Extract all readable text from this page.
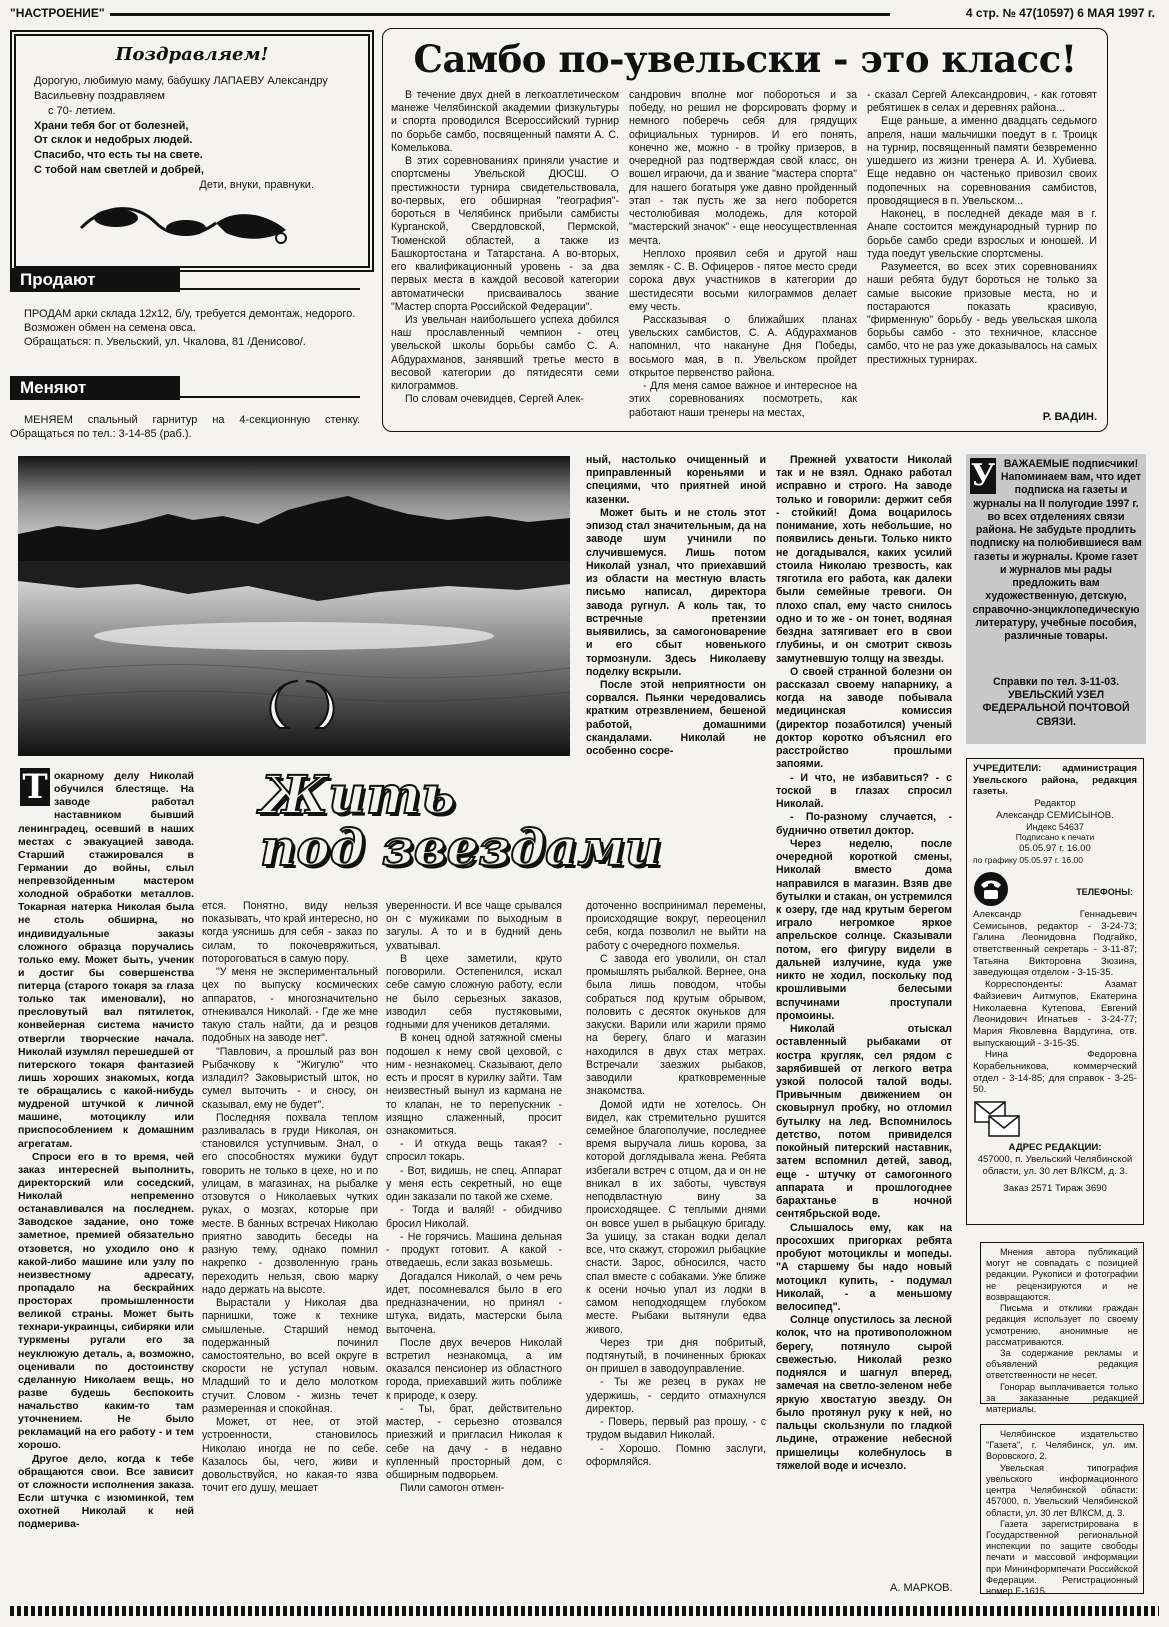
"НАСТРОЕНИЕ"	4 стр. № 47(10597) 6 МАЯ 1997 г.
Поздравляем!
Дорогую, любимую маму, бабушку ЛАПАЕВУ Александру Васильевну поздравляем
с 70- летием.
Храни тебя бог от болезней,
От склок и недобрых людей.
Спасибо, что есть ты на свете.
С тобой нам светлей и добрей,
Дети, внуки, правнуки.
Продают

ПРОДАМ арки склада 12х12, б/у, требуется демонтаж, недорого.

Возможен обмен на семена овса.

Обращаться: п. Увельский, ул. Чкалова, 81 /Денисово/.

Меняют

МЕНЯЕМ спальный гарнитур на 4-секционную стенку. Обращаться по тел.: 3-14-85 (раб.).

Самбо по-увельски - это класс!

В течение двух дней в легкоатлетическом манеже Челябинской академии физкультуры и спорта проводился Всероссийский турнир по борьбе самбо, посвященный памяти А. С. Комелькова.

В этих соревнованиях приняли участие и спортсмены Увельской ДЮСШ. О престижности турнира свидетельствовала, во-первых, его обширная "география"- бороться в Челябинск прибыли самбисты Курганской, Свердловской, Пермской, Тюменской областей, а также из Башкортостана и Татарстана. А во-вторых, его квалификационный уровень - за два первых места в каждой весовой категории автоматически присваивалось звание "Мастер спорта Российской Федерации".

Из увельчан наибольшего успеха добился наш прославленный чемпион - отец увельской школы борьбы самбо С. А. Абдурахманов, занявший третье место в весовой категории до пятидесяти семи килограммов.

По словам очевидцев, Сергей Алек-

сандрович вполне мог побороться и за победу, но решил не форсировать форму и немного поберечь себя для грядущих официальных турниров. И его понять, конечно же, можно - в тройку призеров, в очередной раз подтверждая свой класс, он вошел играючи, да и звание "мастера спорта" для нашего богатыря уже давно пройденный этап - так пусть же за него поборется честолюбивая молодежь, для которой "мастерский значок" - еще неосуществленная мечта.

Неплохо проявил себя и другой наш земляк - С. В. Офицеров - пятое место среди сорока двух участников в категории до шестидесяти восьми килограммов делает ему честь.

Рассказывая о ближайших планах увельских самбистов, С. А. Абдурахманов напомнил, что накануне Дня Победы, восьмого мая, в п. Увельском пройдет открытое первенство района.

- Для меня самое важное и интересное на этих соревнованиях посмотреть, как работают наши тренеры на местах,

- сказал Сергей Александрович, - как готовят ребятишек в селах и деревнях района...

Еще раньше, а именно двадцать седьмого апреля, наши мальчишки поедут в г. Троицк на турнир, посвященный памяти безвременно ушедшего из жизни тренера А. И. Хубиева. Еще недавно он частенько привозил своих подопечных на соревнования самбистов, проводящиеся в п. Увельском...

Наконец, в последней декаде мая в г. Анапе состоится международный турнир по борьбе самбо среди взрослых и юношей. И туда поедут увельские спортсмены.

Разумеется, во всех этих соревнованиях наши ребята будут бороться не только за самые высокие призовые места, но и постараются показать красивую, "фирменную" борьбу - ведь увельская школа борьбы самбо - это техничное, классное самбо, что не раз уже доказывалось на самых престижных турнирах.

Р. ВАДИН.
Жить
под звездами
Т окарному делу Николай обучился блестяще. На заводе работал наставником бывший ленинградец, осевший в наших местах с эвакуацией завода. Старший стажировался в Германии до войны, слыл непревзойденным мастером холодной обработки металлов. Токарная натерка Николая была не столь обширна, но индивидуальные заказы сложного образца поручались только ему. Может быть, ученик и достиг бы совершенства питерца (старого токаря за глаза только так именовали), но пресловутый вал пятилеток, конвейерная система начисто отвергли творческие начала. Николай изумлял перешедшей от питерского токаря фантазией лишь хороших знакомых, когда те обращались с какой-нибудь мудреной штучкой к личной машине, мотоциклу или приспособлением к домашним агрегатам.

Спроси его в то время, чей заказ интересней выполнить, директорский или соседский, Николай непременно останавливался на последнем. Заводское задание, оно тоже заметное, премией обязательно отзовется, но уходило оно к какой-либо машине или узлу по неизвестному адресату, пропадало на бескрайних просторах промышленности великой страны. Может быть технари-украинцы, сибиряки или туркмены ругали его за неуклюжую деталь, а, возможно, оценивали по достоинству сделанную Николаем вещь, но разве будешь беспокоить начальство каким-то там уточнением. Не было рекламаций на его работу - и тем хорошо.

Другое дело, когда к тебе обращаются свои. Все зависит от сложности исполнения заказа. Если штучка с изюминкой, тем охотней Николай к ней подмерива-

ется. Понятно, виду нельзя показывать, что край интересно, но когда уяснишь для себя - заказ по силам, то покочевряжиться, потороговаться в самую пору.

"У меня не экспериментальный цех по выпуску космических аппаратов, - многозначительно отнекивался Николай. - Где же мне такую сталь найти, да и резцов подобных на заводе нет".

"Павлович, а прошлый раз вон Рыбачкову к "Жигулю" что изладил? Заковыристый шток, но сумел выточить - и сносу, он сказывал, ему не будет".

Последняя похвала теплом разливалась в груди Николая, он становился уступчивым. Знал, о его способностях мужики будут говорить не только в цехе, но и по улицам, в магазинах, на рыбалке отзовутся о Николаевых чутких руках, о мозгах, которые при месте. В банных встречах Николаю приятно заводить беседы на разную тему, однако помнил накрепко - дозволенную грань переходить нельзя, свою марку надо держать на высоте.

Вырастали у Николая два парнишки, тоже к технике смышленые. Старший немод подержанный починил самостоятельно, во всей округе в скорости не уступал новым. Младший то и дело молотком стучит. Словом - жизнь течет размеренная и спокойная.

Может, от нее, от этой устроенности, становилось Николаю иногда не по себе. Казалось бы, чего, живи и довольствуйся, но какая-то язва точит его душу, мешает

уверенности. И все чаще срывался он с мужиками по выходным в загулы. А то и в будний день ухватывал.

В цехе заметили, круто поговорили. Остепенился, искал себе самую сложную работу, если не было серьезных заказов, изводил себя пустяковыми, годными для учеников деталями.

В конец одной затяжной смены подошел к нему свой цеховой, с ним - незнакомец. Сказывают, дело есть и просят в курилку зайти. Там неизвестный вынул из кармана не то клапан, не то перепускник - изящно слаженный, просит ознакомиться.

- И откуда вещь такая? - спросил токарь.

- Вот, видишь, не спец. Аппарат у меня есть секретный, но еще один заказали по такой же схеме.

- Тогда и валяй! - обидчиво бросил Николай.

- Не горячись. Машина дельная - продукт готовит. А какой - отведаешь, если заказ возьмешь.

Догадался Николай, о чем речь идет, посомневался было в его предназначении, но принял - штука, видать, мастерски была выточена.

После двух вечеров Николай встретил незнакомца, а им оказался пенсионер из областного города, приехавший жить поближе к природе, к озеру.

- Ты, брат, действительно мастер, - серьезно отозвался приезжий и пригласил Николая к себе на дачу - в недавно купленный просторный дом, с обширным подворьем.

Пили самогон отмен-

ный, настолько очищенный и приправленный кореньями и специями, что приятней иной казенки.

Может быть и не столь этот эпизод стал значительным, да на заводе шум учинили по случившемуся. Лишь потом Николай узнал, что приехавший из области на местную власть письмо написал, директора завода ругнул. А коль так, то встречные претензии выявились, за самогоноварение и его сбыт новенького тормознули. Здесь Николаеву поделку вскрыли.

После этой неприятности он сорвался. Пьянки чередовались кратким отрезвлением, бешеной работой, домашними скандалами. Николай не особенно сосре-

доточенно воспринимал перемены, происходящие вокруг, переоценил себя, когда позволил не выйти на работу с очередного похмелья.

С завода его уволили, он стал промышлять рыбалкой. Вернее, она была лишь поводом, чтобы собраться под крутым обрывом, половить с десяток окуньков для закуски. Варили или жарили прямо на берегу, благо и магазин находился в двух стах метрах. Встречали заезжих рыбаков, заводили кратковременные знакомства.

Домой идти не хотелось. Он видел, как стремительно рушится семейное благополучие, последнее время выручала лишь корова, за которой доглядывала жена. Ребята избегали встреч с отцом, да и он не вникал в их заботы, чувствуя неподвластную вину за происходящее. С теплыми днями он вовсе ушел в рыбацкую бригаду. За ушицу, за стакан водки делал все, что скажут, сторожил рыбацкие снасти. Зарос, обносился, часто спал вместе с собаками. Уже ближе к осени ночью упал из лодки в самом неподходящем глубоком месте. Рыбаки вытянули едва живого.

Через три дня побритый, подтянутый, в починенных брюках он пришел в заводоуправление.

- Ты же резец в руках не удержишь, - сердито отмахнулся директор.

- Поверь, первый раз прошу, - с трудом выдавил Николай.

- Хорошо. Помню заслуги, оформляйся.

Прежней ухватости Николай так и не взял. Однако работал исправно и строго. На заводе только и говорили: держит себя - стойкий! Дома воцарилось понимание, хоть небольшие, но появились деньги. Только никто не догадывался, каких усилий стоила Николаю трезвость, как тяготила его работа, как далеки были семейные тревоги. Он плохо спал, ему часто снилось одно и то же - он тонет, водяная бездна затягивает его в свои глубины, и он смотрит сквозь замутневшую толщу на звезды.

О своей странной болезни он рассказал своему напарнику, а когда на заводе побывала медицинская комиссия (директор позаботился) ученый доктор коротко объяснил его расстройство прошлыми запоями.

- И что, не избавиться? - с тоской в глазах спросил Николай.

- По-разному случается, - буднично ответил доктор.

Через неделю, после очередной короткой смены, Николай вместо дома направился в магазин. Взяв две бутылки и стакан, он устремился к озеру, где над крутым берегом играло негромкое яркое апрельское солнце. Сказывали потом, его фигуру видели в дальней излучине, куда уже никто не ходил, поскольку под крошливыми белесыми вспучинами проступали промоины.

Николай отыскал оставленный рыбаками от костра кругляк, сел рядом с зарябившей от легкого ветра узкой полосой талой воды. Привычным движением он сковырнул пробку, но отломил бутылку на лед. Вспомнилось детство, потом привиделся покойный питерский наставник, затем вспомнил детей, завод, еще - штучку от самогонного аппарата и прошлогоднее барахтанье в ночной сентябрьской воде.

Слышалось ему, как на просохших пригорках ребята пробуют мотоциклы и мопеды. "А старшему бы надо новый мотоцикл купить, - подумал Николай, - а меньшому велосипед".

Солнце опустилось за лесной колок, что на противоположном берегу, потянуло сырой свежестью. Николай резко поднялся и шагнул вперед, замечая на светло-зеленом небе яркую хвостатую звезду. Он было протянул руку к ней, но пальцы скользнули по гладкой льдине, отражение небесной пришелицы колебнулось в тяжелой воде и исчезло.

А. МАРКОВ.
У ВАЖАЕМЫЕ подписчики! Напоминаем вам, что идет подписка на газеты и журналы на II полугодие 1997 г. во всех отделениях связи района. Не забудьте продлить подписку на полюбившиеся вам газеты и журналы. Кроме газет и журналов мы рады предложить вам художественную, детскую, справочно-энциклопедическую литературу, учебные пособия, различные товары.
Справки по тел. 3-11-03. УВЕЛЬСКИЙ УЗЕЛ ФЕДЕРАЛЬНОЙ ПОЧТОВОЙ СВЯЗИ.
УЧРЕДИТЕЛИ: администрация Увельского района, редакция газеты.
Редактор
Александр СЕМИСЫНОВ.
Индекс 54637
Подписано к печати
05.05.97 г. 16.00
по графику 05.05.97 г. 16.00
ТЕЛЕФОНЫ:
Александр Геннадьевич Семисынов, редактор - 3-24-73; Галина Леонидовна Подгайко, ответственный секретарь - 3-11-87; Татьяна Викторовна Зюзина, заведующая отделом - 3-15-35.
Корреспонденты: Азамат Файзиевич Аитмупов, Екатерина Николаевна Кутепова, Евгений Леонидович Игнатьев - 3-24-77; Мария Яковлевна Вардугина, отв. выпускающий - 3-15-35.
Нина Федоровна Корабельникова, коммерческий отдел - 3-14-85; для справок - 3-25-50.
АДРЕС РЕДАКЦИИ:
457000, п. Увельский Челябинской области, ул. 30 лет ВЛКСМ, д. 3.
Заказ 2571 Тираж 3690

Мнения автора публикаций могут не совпадать с позицией редакции. Рукописи и фотографии не рецензируются и не возвращаются.

Письма и отклики граждан редакция использует по своему усмотрению, анонимные не рассматриваются.

За содержание рекламы и объявлений редакция ответственности не несет.

Гонорар выплачивается только за заказанные редакцией материалы.

Челябинское издательство "Газета", г. Челябинск, ул. им. Воровского, 2.

Увельская типография увельского информационного центра Челябинской области: 457000, п. Увельский Челябинской области, ул. 30 лет ВЛКСМ, д. 3.

Газета зарегистрирована в Государственной региональной инспекции по защите свободы печати и массовой информации при Мининформпечати Российской Федерации. Регистрационный номер Е-1615.
